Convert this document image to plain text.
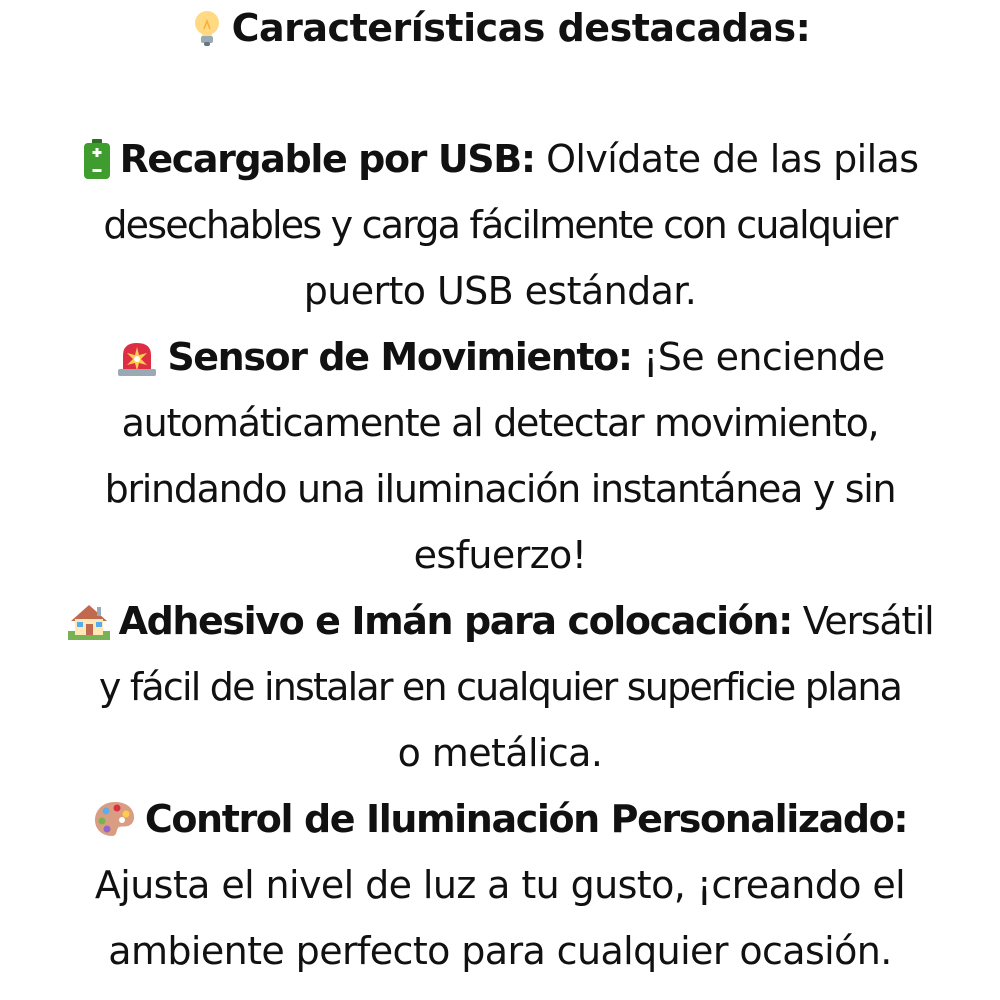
Características destacadas:
Recargable por USB: Olvídate de las pilas
desechables y carga fácilmente con cualquier
puerto USB estándar.
Sensor de Movimiento: ¡Se enciende
automáticamente al detectar movimiento,
brindando una iluminación instantánea y sin
esfuerzo!
Adhesivo e Imán para colocación: Versátil
y fácil de instalar en cualquier superficie plana
o metálica.
Control de Iluminación Personalizado:
Ajusta el nivel de luz a tu gusto, ¡creando el
ambiente perfecto para cualquier ocasión.
